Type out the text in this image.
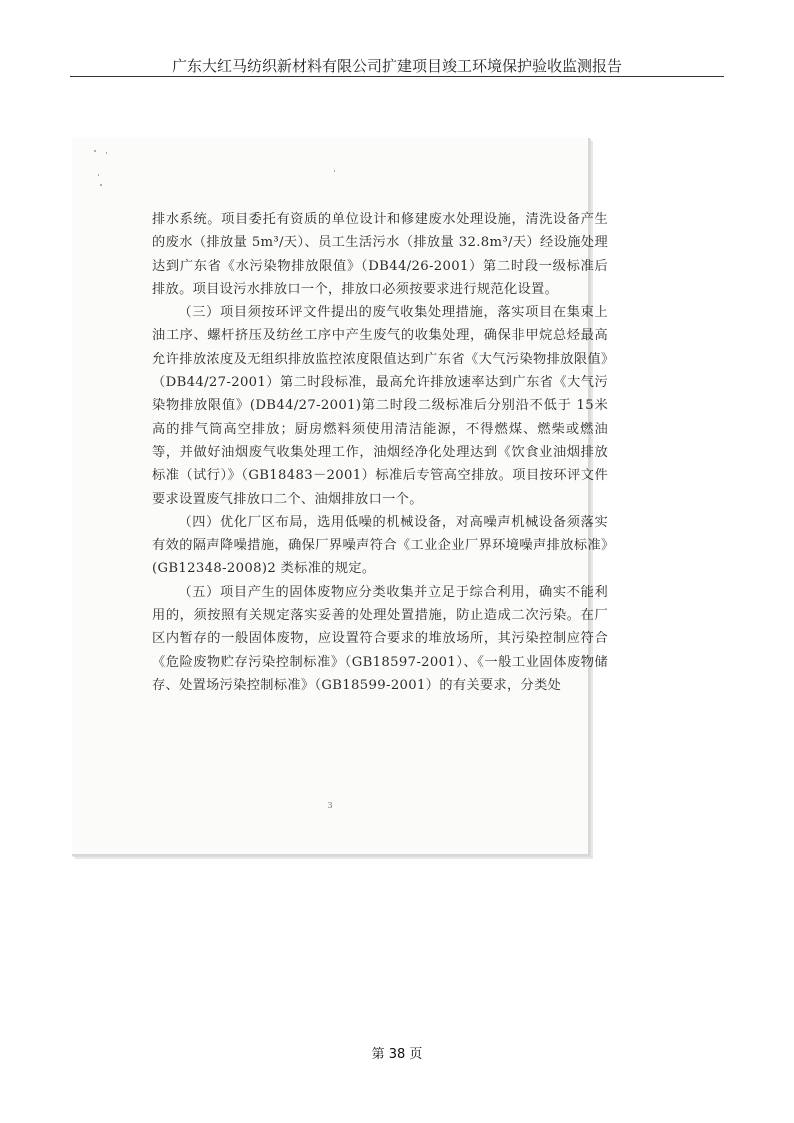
广东大红马纺织新材料有限公司扩建项目竣工环境保护验收监测报告

排水系统。项目委托有资质的单位设计和修建废水处理设施，清洗设备产生的废水（排放量 5m³/天）、员工生活污水（排放量 32.8m³/天）经设施处理达到广东省《水污染物排放限值》（DB44/26-2001）第二时段一级标准后排放。项目设污水排放口一个，排放口必须按要求进行规范化设置。

（三）项目须按环评文件提出的废气收集处理措施，落实项目在集束上油工序、螺杆挤压及纺丝工序中产生废气的收集处理，确保非甲烷总烃最高允许排放浓度及无组织排放监控浓度限值达到广东省《大气污染物排放限值》（DB44/27-2001）第二时段标准，最高允许排放速率达到广东省《大气污染物排放限值》(DB44/27-2001)第二时段二级标准后分别沿不低于 15米高的排气筒高空排放；厨房燃料须使用清洁能源，不得燃煤、燃柴或燃油等，并做好油烟废气收集处理工作，油烟经净化处理达到《饮食业油烟排放标准（试行）》（GB18483－2001）标准后专管高空排放。项目按环评文件要求设置废气排放口二个、油烟排放口一个。

（四）优化厂区布局，选用低噪的机械设备，对高噪声机械设备须落实有效的隔声降噪措施，确保厂界噪声符合《工业企业厂界环境噪声排放标准》(GB12348-2008)2 类标准的规定。

（五）项目产生的固体废物应分类收集并立足于综合利用，确实不能利用的，须按照有关规定落实妥善的处理处置措施，防止造成二次污染。在厂区内暂存的一般固体废物，应设置符合要求的堆放场所，其污染控制应符合《危险废物贮存污染控制标准》（GB18597-2001）、《一般工业固体废物储存、处置场污染控制标准》（GB18599-2001）的有关要求，分类处

3
第 38 页
